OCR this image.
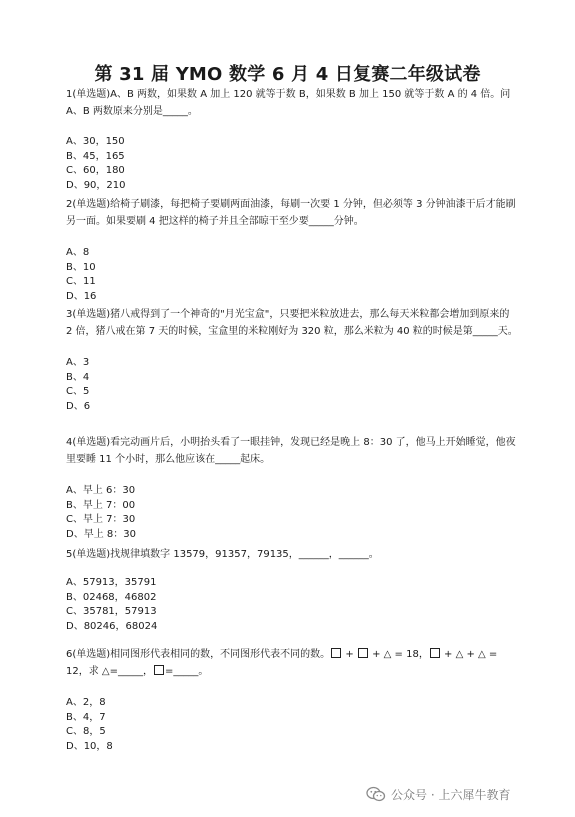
第 31 届 YMO 数学 6 月 4 日复赛二年级试卷

1(单选题)A、B 两数，如果数 A 加上 120 就等于数 B，如果数 B 加上 150 就等于数 A 的 4 倍。问 A、B 两数原来分别是_____。

A、30，150
B、45，165
C、60，180
D、90，210

2(单选题)给椅子刷漆，每把椅子要刷两面油漆，每刷一次要 1 分钟，但必须等 3 分钟油漆干后才能刷另一面。如果要刷 4 把这样的椅子并且全部晾干至少要_____分钟。

A、8
B、10
C、11
D、16

3(单选题)猪八戒得到了一个神奇的"月光宝盒"，只要把米粒放进去，那么每天米粒都会增加到原来的 2 倍，猪八戒在第 7 天的时候，宝盒里的米粒刚好为 320 粒，那么米粒为 40 粒的时候是第_____天。

A、3
B、4
C、5
D、6

4(单选题)看完动画片后，小明抬头看了一眼挂钟，发现已经是晚上 8：30 了，他马上开始睡觉，他夜里要睡 11 个小时，那么他应该在_____起床。

A、早上 6：30
B、早上 7：00
C、早上 7：30
D、早上 8：30

5(单选题)找规律填数字 13579，91357，79135，______，______。

A、57913，35791
B、02468，46802
C、35781，57913
D、80246，68024

6(单选题)相同图形代表相同的数，不同图形代表不同的数。 + + △ = 18， + △ + △ = 12，求 △=_____， =_____。

A、2，8
B、4，7
C、8，5
D、10，8
公众号 · 上六犀牛教育
